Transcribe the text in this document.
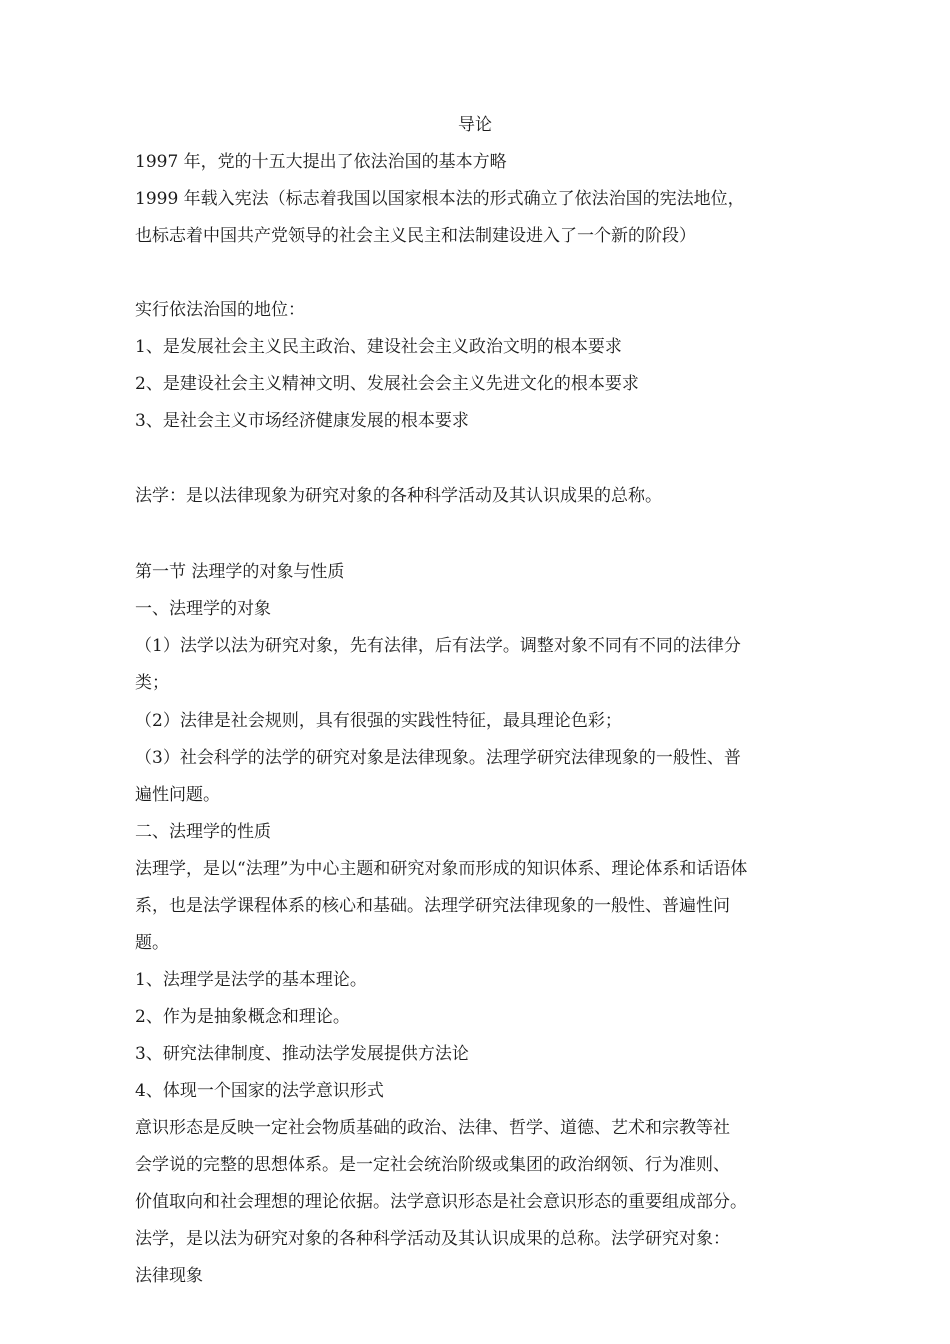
导论
1997 年，党的十五大提出了依法治国的基本方略
1999 年载入宪法（标志着我国以国家根本法的形式确立了依法治国的宪法地位，
也标志着中国共产党领导的社会主义民主和法制建设进入了一个新的阶段）
实行依法治国的地位：
1、是发展社会主义民主政治、建设社会主义政治文明的根本要求
2、是建设社会主义精神文明、发展社会会主义先进文化的根本要求
3、是社会主义市场经济健康发展的根本要求
法学：是以法律现象为研究对象的各种科学活动及其认识成果的总称。
第一节 法理学的对象与性质
一、法理学的对象
（1）法学以法为研究对象，先有法律，后有法学。调整对象不同有不同的法律分
类；
（2）法律是社会规则，具有很强的实践性特征，最具理论色彩；
（3）社会科学的法学的研究对象是法律现象。法理学研究法律现象的一般性、普
遍性问题。
二、法理学的性质
法理学，是以“法理”为中心主题和研究对象而形成的知识体系、理论体系和话语体
系，也是法学课程体系的核心和基础。法理学研究法律现象的一般性、普遍性问
题。
1、法理学是法学的基本理论。
2、作为是抽象概念和理论。
3、研究法律制度、推动法学发展提供方法论
4、体现一个国家的法学意识形式
意识形态是反映一定社会物质基础的政治、法律、哲学、道德、艺术和宗教等社
会学说的完整的思想体系。是一定社会统治阶级或集团的政治纲领、行为准则、
价值取向和社会理想的理论依据。法学意识形态是社会意识形态的重要组成部分。
法学，是以法为研究对象的各种科学活动及其认识成果的总称。法学研究对象：
法律现象
